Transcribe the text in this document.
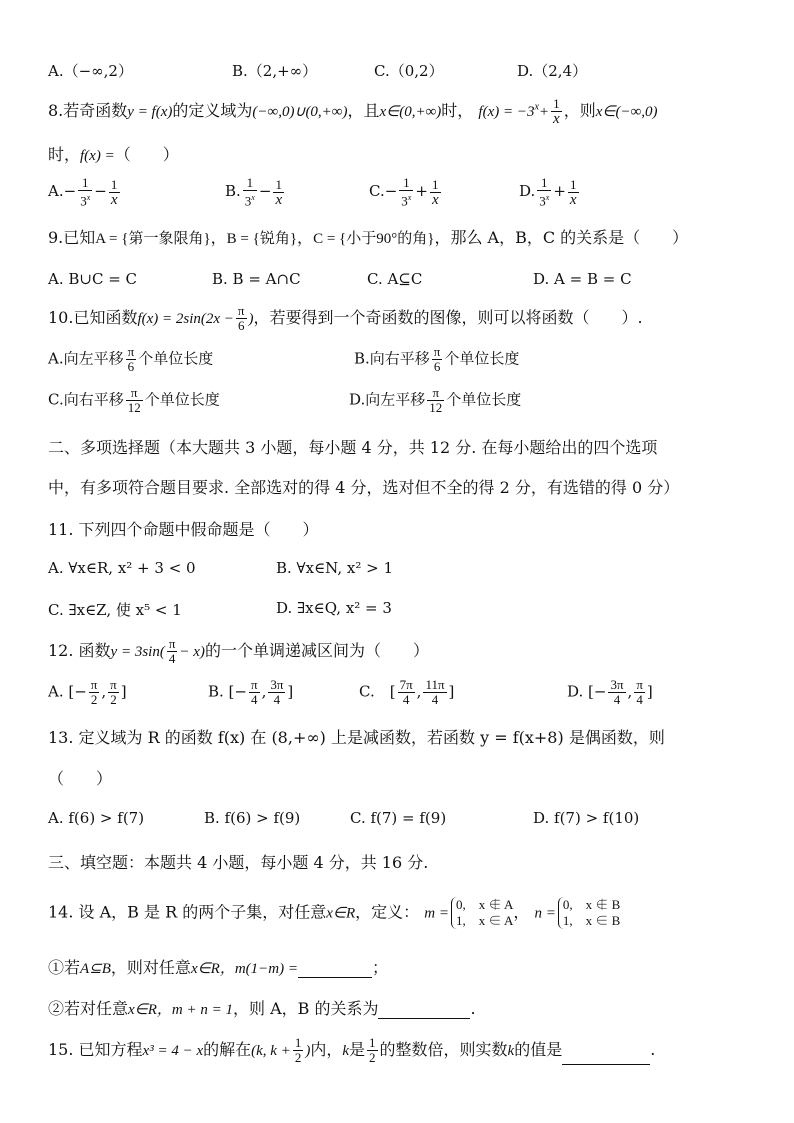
A.（−∞,2）	B.（2,+∞）	C.（0,2）	D.（2,4）
8.若奇函数y = f(x)的定义域为(−∞,0)∪(0,+∞)，且x∈(0,+∞)时， $f(x) = -3^x+ \frac{1}{x}$ ，则x∈(−∞,0)
时，f(x) =（　　）
$A.- \frac{1}{3^x} - \frac{1}{x}$	B. $\frac{1}{3^x} - \frac{1}{x}$	$C.- \frac{1}{3^x} + \frac{1}{x}$	D. $\frac{1}{3^x} + \frac{1}{x}$
9.已知A = {第一象限角}，B = {锐角}，C = {小于90°的角}，那么 A，B，C 的关系是（　　）
A. B∪C = C	B. B = A∩C	C. A⊆C	D. A = B = C
10.已知函数$f(x) = 2\sin(2x - \frac{\pi}{6}$ )，若要得到一个奇函数的图像，则可以将函数（　　）.
A.向左平移 $\frac{\pi}{6}$ 个单位长度	B.向右平移 $\frac{\pi}{6}$ 个单位长度
C.向右平移 $\frac{\pi}{12}$ 个单位长度	D.向左平移 $\frac{\pi}{12}$ 个单位长度
二、多项选择题（本大题共 3 小题，每小题 4 分，共 12 分. 在每小题给出的四个选项
中，有多项符合题目要求. 全部选对的得 4 分，选对但不全的得 2 分，有选错的得 0 分）
11. 下列四个命题中假命题是（　　）
A. ∀x∈R, x² + 3 < 0	B. ∀x∈N, x² > 1
C. ∃x∈Z, 使 x⁵ < 1	D. ∃x∈Q, x² = 3
12. 函数$y = 3\sin( \frac{\pi}{4} - x)$的一个单调递减区间为（　　）
A. [− $\frac{\pi}{2}$ , $\frac{\pi}{2}$ ]	B. [− $\frac{\pi}{4}$ , $\frac{3\pi}{4}$ ]	C.　[ $\frac{7\pi}{4}$ , $\frac{11\pi}{4}$ ]	D. [− $\frac{3\pi}{4}$ , $\frac{\pi}{4}$ ]
13. 定义域为 R 的函数 f(x) 在 (8,+∞) 上是减函数，若函数 y = f(x+8) 是偶函数，则
（　　）
A. f(6) > f(7)	B. f(6) > f(9)	C. f(7) = f(9)	D. f(7) > f(10)
三、填空题：本题共 4 小题，每小题 4 分，共 16 分.
14. 设 A，B 是 R 的两个子集，对任意x∈R，定义： m =
0,　x ∉ A
1,　x ∈ A ， n =
0,　x ∉ B
1,　x ∈ B
①若A⊆B，则对任意x∈R，m(1−m) =	；
②若对任意x∈R，m + n = 1，则 A，B 的关系为	.
15. 已知方程x³ = 4 − x的解在(k, $k + \frac{1}{2}$ )内，k是 $\frac{1}{2}$ 的整数倍，则实数k的值是	.
